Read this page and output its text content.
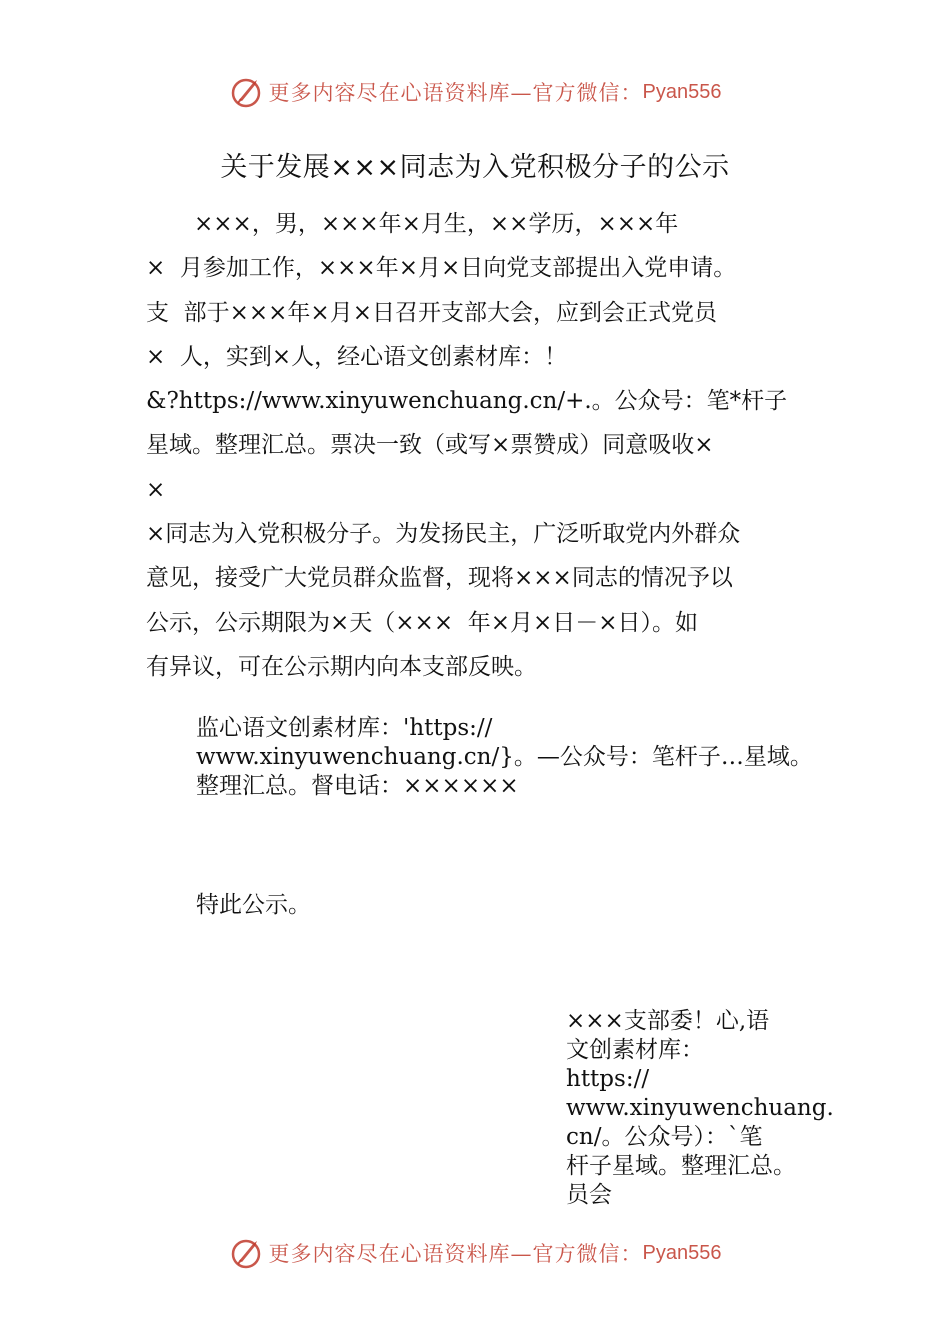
更多内容尽在心语资料库—官方微信： Pyan556
关于发展×××同志为入党积极分子的公示
×××，男，×××年×月生，××学历，×××年
×  月参加工作，×××年×月×日向党支部提出入党申请。
支  部于×××年×月×日召开支部大会，应到会正式党员
×  人，实到×人，经心语文创素材库：！
&?https://www.xinyuwenchuang.cn/+.。公众号：笔*杆子
星域。整理汇总。票决一致（或写×票赞成）同意吸收×
×
×同志为入党积极分子。为发扬民主，广泛听取党内外群众
意见，接受广大党员群众监督，现将×××同志的情况予以
公示，公示期限为×天（×××  年×月×日－×日）。如
有异议，可在公示期内向本支部反映。
监心语文创素材库：'https://
www.xinyuwenchuang.cn/}。—公众号：笔杆子…星域。
整理汇总。督电话：××××××
特此公示。
×××支部委！心,语
文创素材库：
https://
www.xinyuwenchuang.
cn/。公众号）：`笔
杆子星域。整理汇总。
员会
更多内容尽在心语资料库—官方微信： Pyan556
